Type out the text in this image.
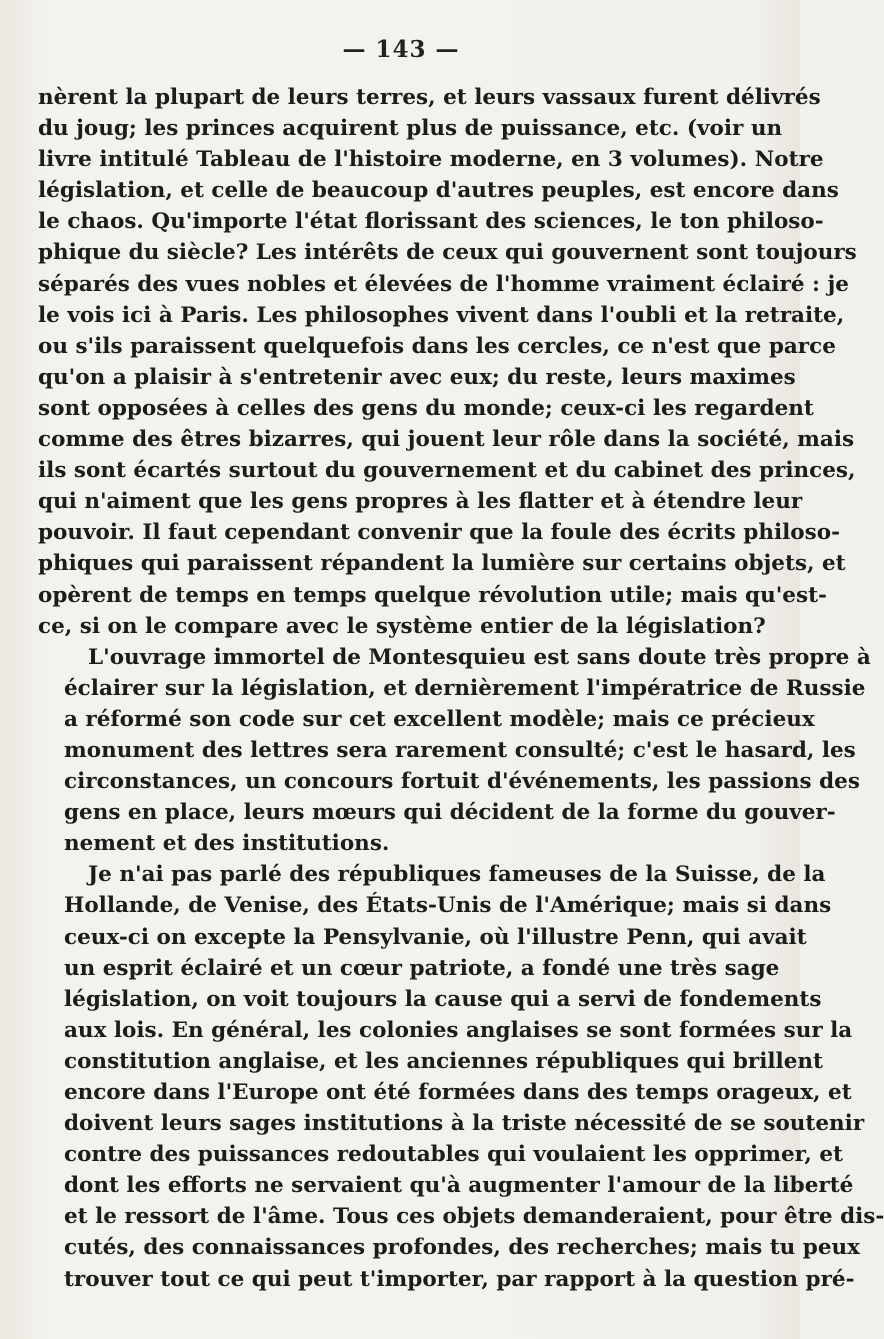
— 143 —

nèrent la plupart de leurs terres, et leurs vassaux furent délivrés
du joug; les princes acquirent plus de puissance, etc. (voir un
livre intitulé Tableau de l'histoire moderne, en 3 volumes). Notre
législation, et celle de beaucoup d'autres peuples, est encore dans
le chaos. Qu'importe l'état florissant des sciences, le ton philoso-
phique du siècle? Les intérêts de ceux qui gouvernent sont toujours
séparés des vues nobles et élevées de l'homme vraiment éclairé : je
le vois ici à Paris. Les philosophes vivent dans l'oubli et la retraite,
ou s'ils paraissent quelquefois dans les cercles, ce n'est que parce
qu'on a plaisir à s'entretenir avec eux; du reste, leurs maximes
sont opposées à celles des gens du monde; ceux-ci les regardent
comme des êtres bizarres, qui jouent leur rôle dans la société, mais
ils sont écartés surtout du gouvernement et du cabinet des princes,
qui n'aiment que les gens propres à les flatter et à étendre leur
pouvoir. Il faut cependant convenir que la foule des écrits philoso-
phiques qui paraissent répandent la lumière sur certains objets, et
opèrent de temps en temps quelque révolution utile; mais qu'est-
ce, si on le compare avec le système entier de la législation?

L'ouvrage immortel de Montesquieu est sans doute très propre à
éclairer sur la législation, et dernièrement l'impératrice de Russie
a réformé son code sur cet excellent modèle; mais ce précieux
monument des lettres sera rarement consulté; c'est le hasard, les
circonstances, un concours fortuit d'événements, les passions des
gens en place, leurs mœurs qui décident de la forme du gouver-
nement et des institutions.

Je n'ai pas parlé des républiques fameuses de la Suisse, de la
Hollande, de Venise, des États-Unis de l'Amérique; mais si dans
ceux-ci on excepte la Pensylvanie, où l'illustre Penn, qui avait
un esprit éclairé et un cœur patriote, a fondé une très sage
législation, on voit toujours la cause qui a servi de fondements
aux lois. En général, les colonies anglaises se sont formées sur la
constitution anglaise, et les anciennes républiques qui brillent
encore dans l'Europe ont été formées dans des temps orageux, et
doivent leurs sages institutions à la triste nécessité de se soutenir
contre des puissances redoutables qui voulaient les opprimer, et
dont les efforts ne servaient qu'à augmenter l'amour de la liberté
et le ressort de l'âme. Tous ces objets demanderaient, pour être dis-
cutés, des connaissances profondes, des recherches; mais tu peux
trouver tout ce qui peut t'importer, par rapport à la question pré-
